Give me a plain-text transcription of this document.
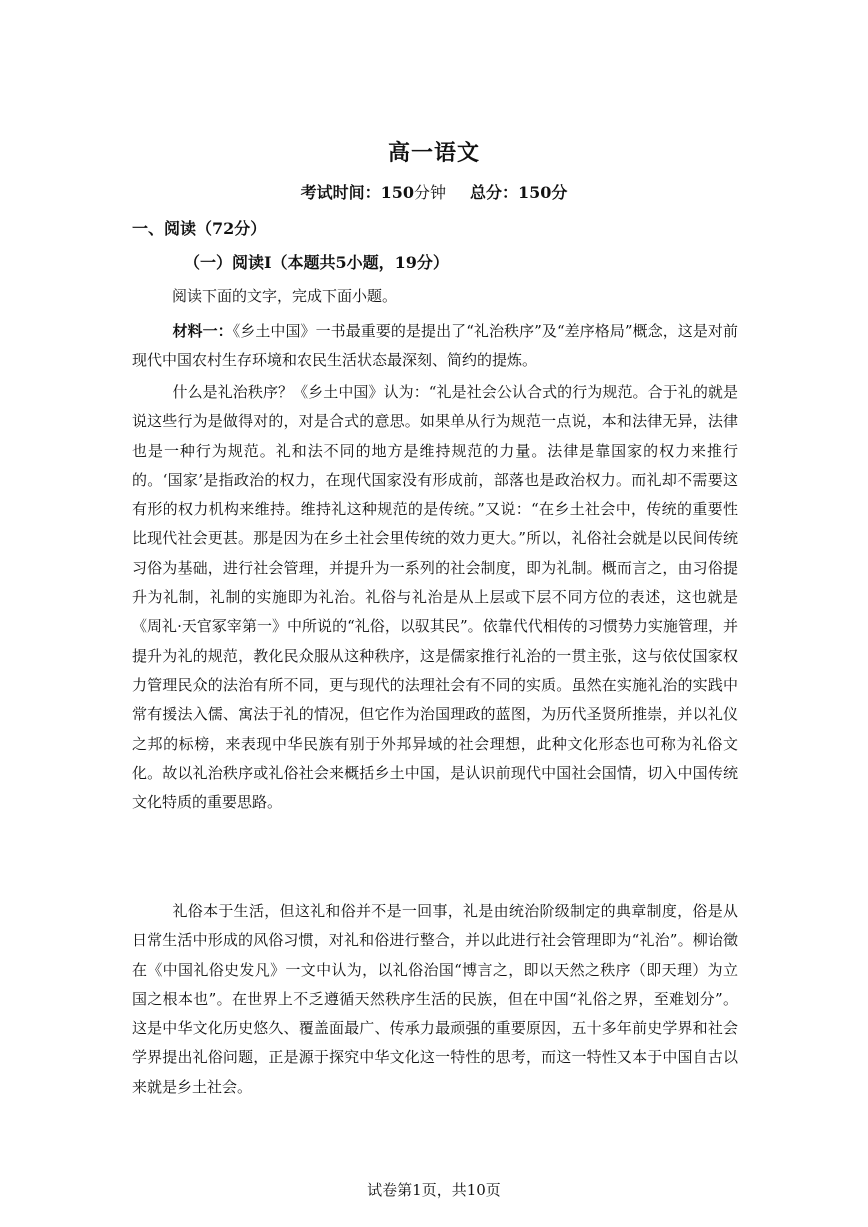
高一语文
考试时间：150分钟 总分：150分
一、阅读（72分）
（一）阅读I（本题共5小题，19分）
阅读下面的文字，完成下面小题。

材料一：《乡土中国》一书最重要的是提出了“礼治秩序”及“差序格局”概念，这是对前现代中国农村生存环境和农民生活状态最深刻、简约的提炼。

什么是礼治秩序？《乡土中国》认为：“礼是社会公认合式的行为规范。合于礼的就是说这些行为是做得对的，对是合式的意思。如果单从行为规范一点说，本和法律无异，法律也是一种行为规范。礼和法不同的地方是维持规范的力量。法律是靠国家的权力来推行的。‘国家’是指政治的权力，在现代国家没有形成前，部落也是政治权力。而礼却不需要这有形的权力机构来维持。维持礼这种规范的是传统。”又说：“在乡土社会中，传统的重要性比现代社会更甚。那是因为在乡土社会里传统的效力更大。”所以，礼俗社会就是以民间传统习俗为基础，进行社会管理，并提升为一系列的社会制度，即为礼制。概而言之，由习俗提升为礼制，礼制的实施即为礼治。礼俗与礼治是从上层或下层不同方位的表述，这也就是《周礼·天官冢宰第一》中所说的“礼俗，以驭其民”。依靠代代相传的习惯势力实施管理，并提升为礼的规范，教化民众服从这种秩序，这是儒家推行礼治的一贯主张，这与依仗国家权力管理民众的法治有所不同，更与现代的法理社会有不同的实质。虽然在实施礼治的实践中常有援法入儒、寓法于礼的情况，但它作为治国理政的蓝图，为历代圣贤所推崇，并以礼仪之邦的标榜，来表现中华民族有别于外邦异域的社会理想，此种文化形态也可称为礼俗文化。故以礼治秩序或礼俗社会来概括乡土中国，是认识前现代中国社会国情，切入中国传统文化特质的重要思路。

礼俗本于生活，但这礼和俗并不是一回事，礼是由统治阶级制定的典章制度，俗是从日常生活中形成的风俗习惯，对礼和俗进行整合，并以此进行社会管理即为“礼治”。柳诒徵在《中国礼俗史发凡》一文中认为，以礼俗治国“博言之，即以天然之秩序（即天理）为立国之根本也”。在世界上不乏遵循天然秩序生活的民族，但在中国“礼俗之界，至难划分”。这是中华文化历史悠久、覆盖面最广、传承力最顽强的重要原因，五十多年前史学界和社会学界提出礼俗问题，正是源于探究中华文化这一特性的思考，而这一特性又本于中国自古以来就是乡土社会。

试卷第1页，共10页
